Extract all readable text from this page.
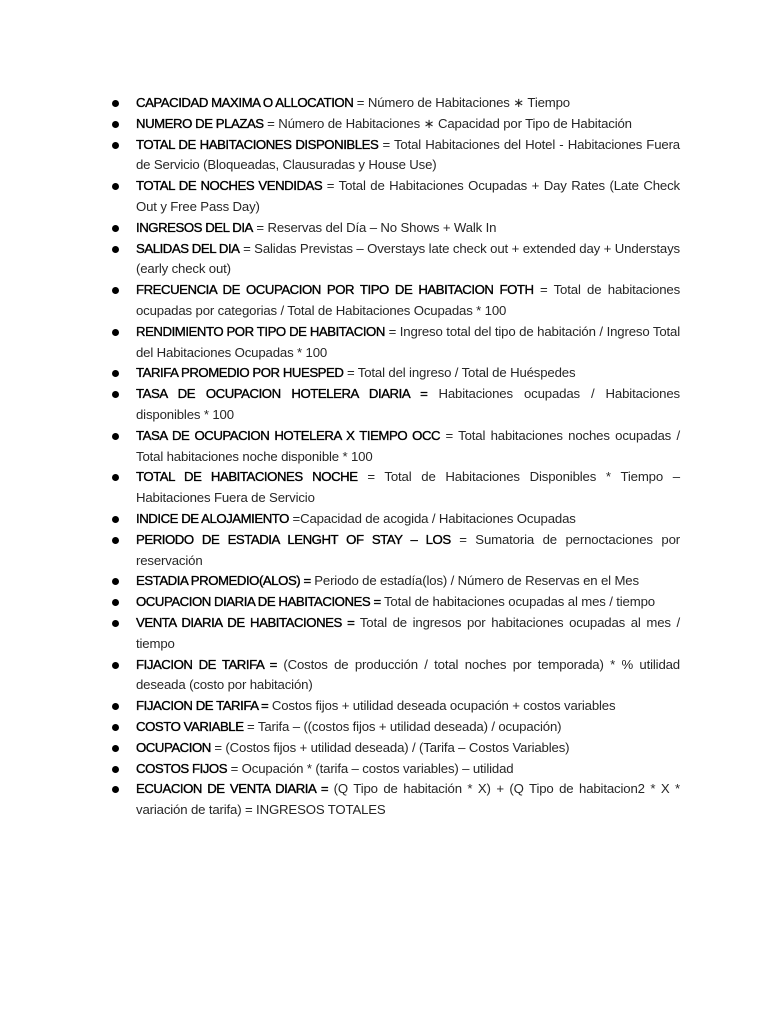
CAPACIDAD MAXIMA O ALLOCATION = Número de Habitaciones ∗ Tiempo
NUMERO DE PLAZAS = Número de Habitaciones ∗ Capacidad por Tipo de Habitación
TOTAL DE HABITACIONES DISPONIBLES = Total Habitaciones del Hotel - Habitaciones Fuera de Servicio (Bloqueadas, Clausuradas y House Use)
TOTAL DE NOCHES VENDIDAS = Total de Habitaciones Ocupadas + Day Rates (Late Check Out y Free Pass Day)
INGRESOS DEL DIA = Reservas del Día – No Shows + Walk In
SALIDAS DEL DIA = Salidas Previstas – Overstays late check out + extended day + Understays (early check out)
FRECUENCIA DE OCUPACION POR TIPO DE HABITACION FOTH = Total de habitaciones ocupadas por categorias / Total de Habitaciones Ocupadas * 100
RENDIMIENTO POR TIPO DE HABITACION = Ingreso total del tipo de habitación / Ingreso Total del Habitaciones Ocupadas * 100
TARIFA PROMEDIO POR HUESPED = Total del ingreso / Total de Huéspedes
TASA DE OCUPACION HOTELERA DIARIA = Habitaciones ocupadas / Habitaciones disponibles * 100
TASA DE OCUPACION HOTELERA X TIEMPO OCC = Total habitaciones noches ocupadas / Total habitaciones noche disponible * 100
TOTAL DE HABITACIONES NOCHE = Total de Habitaciones Disponibles * Tiempo – Habitaciones Fuera de Servicio
INDICE DE ALOJAMIENTO =Capacidad de acogida / Habitaciones Ocupadas
PERIODO DE ESTADIA LENGHT OF STAY – LOS = Sumatoria de pernoctaciones por reservación
ESTADIA PROMEDIO(ALOS) = Periodo de estadía(los) / Número de Reservas en el Mes
OCUPACION DIARIA DE HABITACIONES = Total de habitaciones ocupadas al mes / tiempo
VENTA DIARIA DE HABITACIONES = Total de ingresos por habitaciones ocupadas al mes / tiempo
FIJACION DE TARIFA = (Costos de producción / total noches por temporada) * % utilidad deseada (costo por habitación)
FIJACION DE TARIFA = Costos fijos + utilidad deseada ocupación + costos variables
COSTO VARIABLE = Tarifa – ((costos fijos + utilidad deseada) / ocupación)
OCUPACION = (Costos fijos + utilidad deseada) / (Tarifa – Costos Variables)
COSTOS FIJOS = Ocupación * (tarifa – costos variables) – utilidad
ECUACION DE VENTA DIARIA = (Q Tipo de habitación * X) + (Q Tipo de habitacion2 * X * variación de tarifa) = INGRESOS TOTALES
